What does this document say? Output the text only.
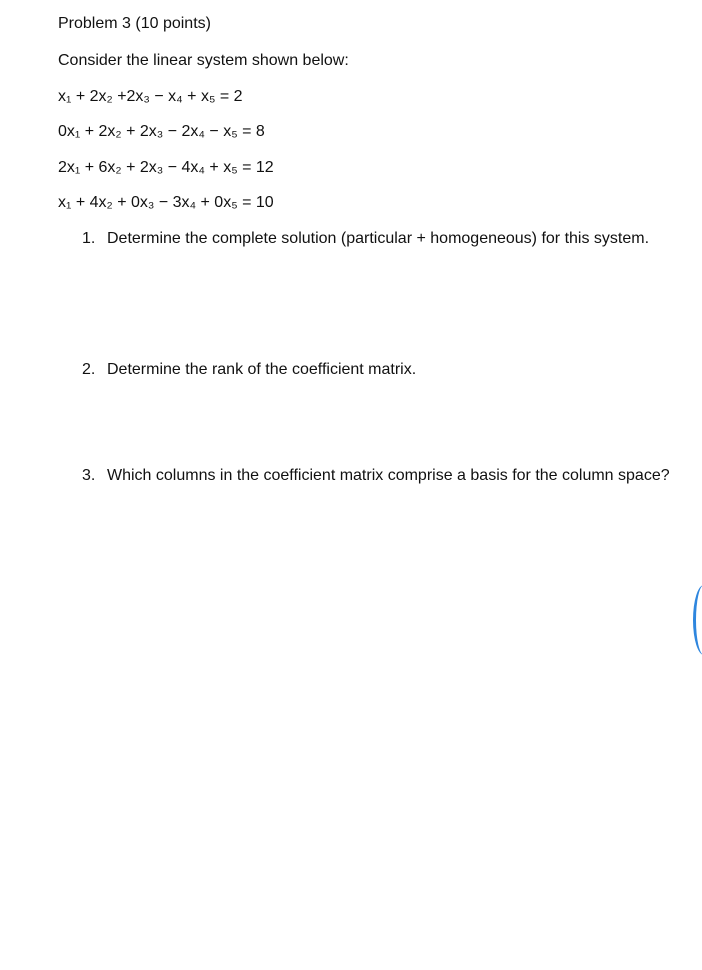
Problem 3 (10 points)
Consider the linear system shown below:
x₁ + 2x₂ +2x₃ − x₄ + x₅ = 2
0x₁ + 2x₂ + 2x₃ − 2x₄ − x₅ = 8
2x₁ + 6x₂ + 2x₃ − 4x₄ + x₅ = 12
x₁ + 4x₂ + 0x₃ − 3x₄ + 0x₅ = 10
1. Determine the complete solution (particular + homogeneous) for this system.
2. Determine the rank of the coefficient matrix.
3. Which columns in the coefficient matrix comprise a basis for the column space?
